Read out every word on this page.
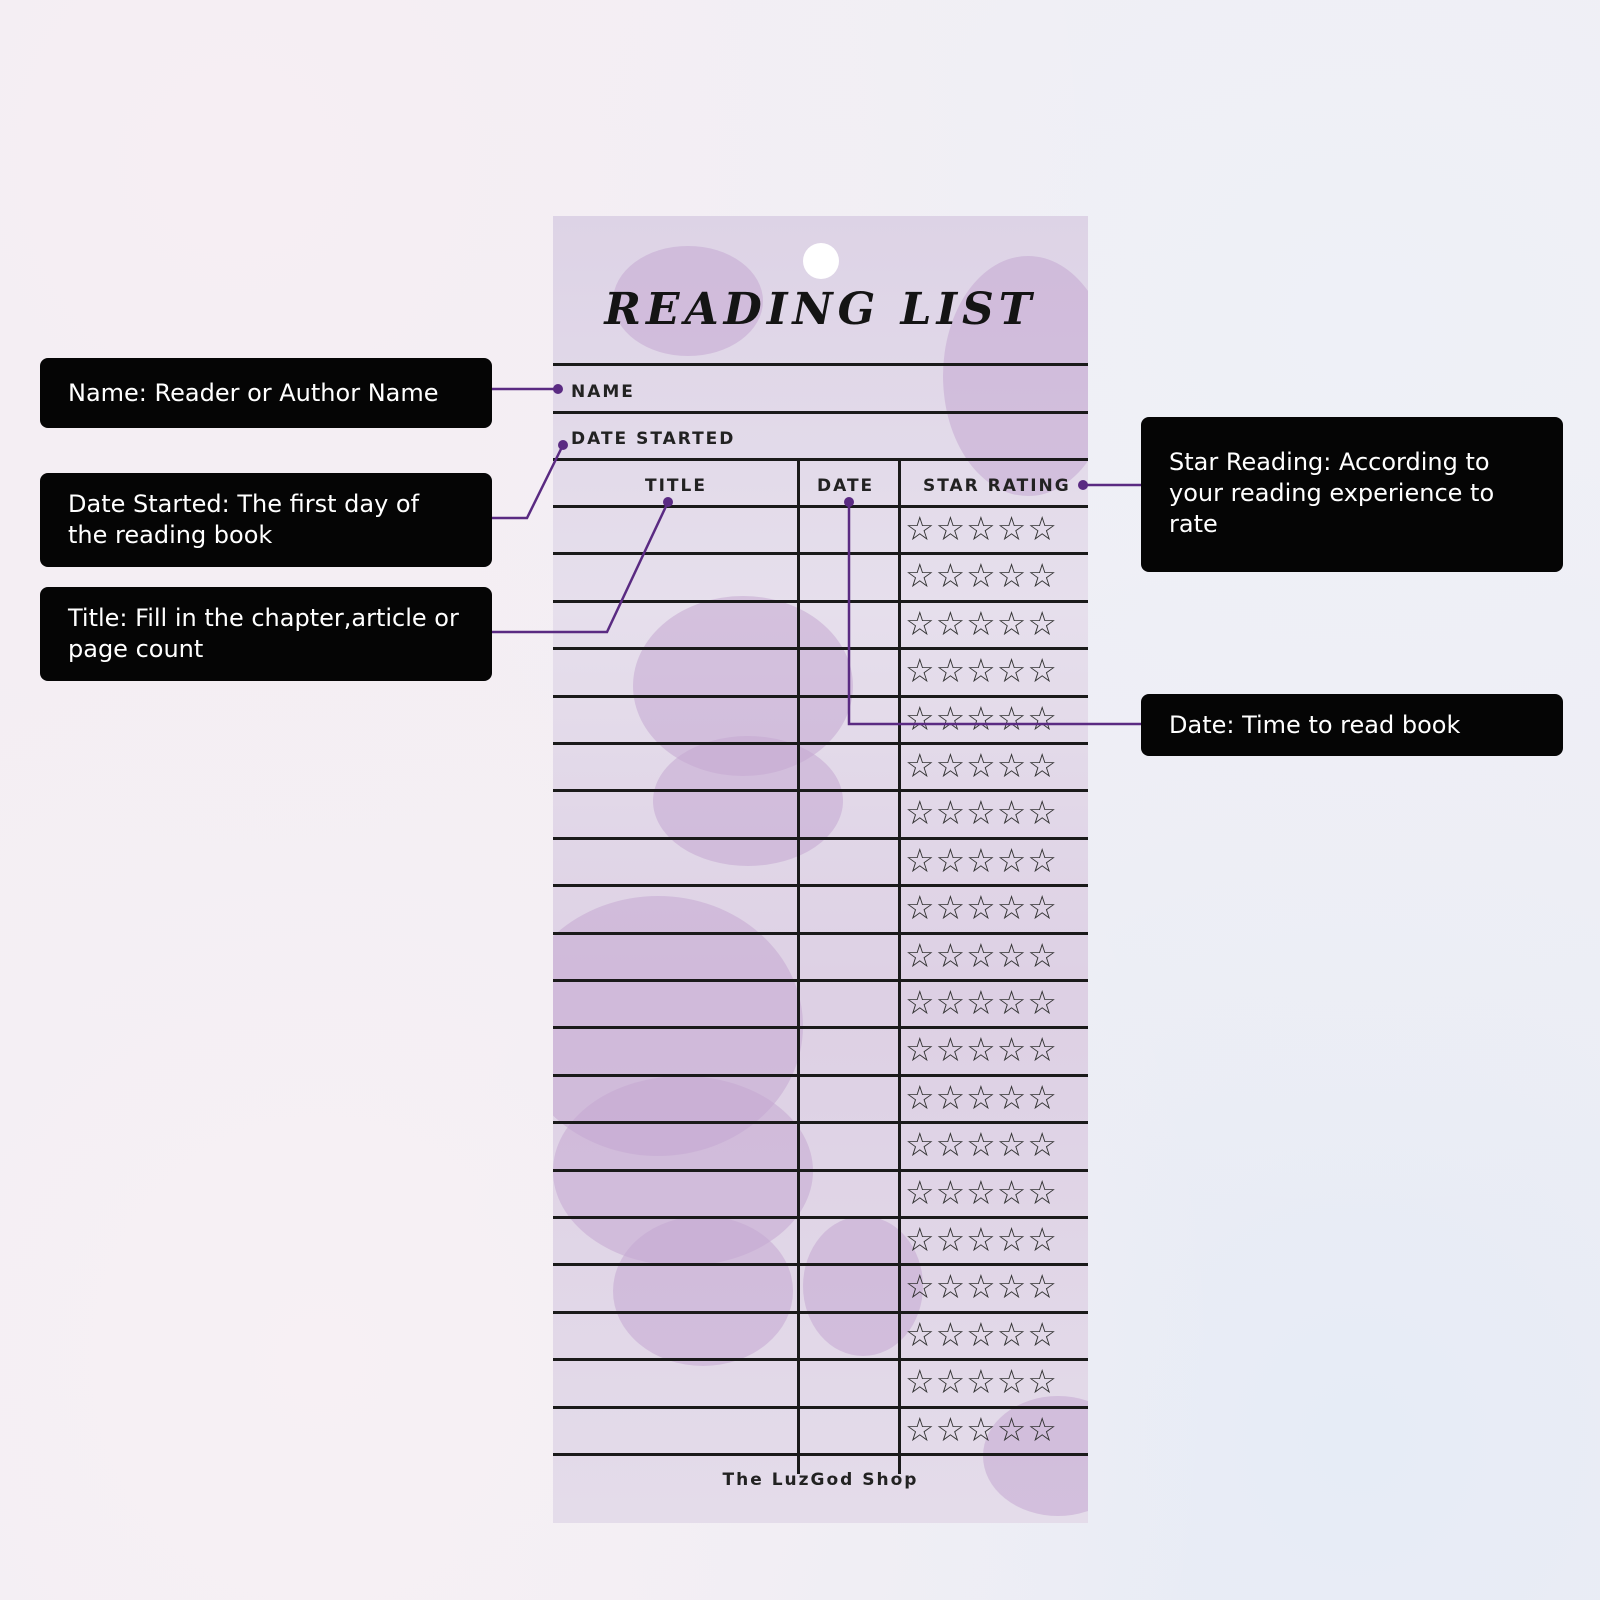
Name: Reader or Author Name
Date Started: The first day of the reading book
Title: Fill in the chapter,article or page count
Star Reading: According to your reading experience to rate
Date: Time to read book
READING LIST
NAME
DATE STARTED
TITLE	DATE	STAR RATING
☆☆☆☆☆
☆☆☆☆☆
☆☆☆☆☆
☆☆☆☆☆
☆☆☆☆☆
☆☆☆☆☆
☆☆☆☆☆
☆☆☆☆☆
☆☆☆☆☆
☆☆☆☆☆
☆☆☆☆☆
☆☆☆☆☆
☆☆☆☆☆
☆☆☆☆☆
☆☆☆☆☆
☆☆☆☆☆
☆☆☆☆☆
☆☆☆☆☆
☆☆☆☆☆
☆☆☆☆☆
The LuzGod Shop
